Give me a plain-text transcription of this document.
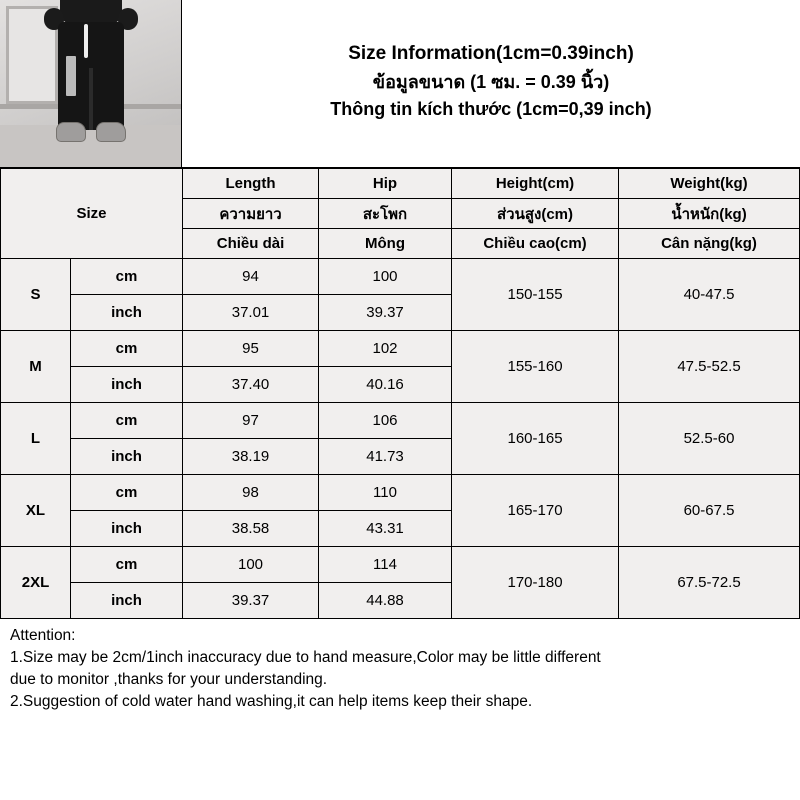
Size Information(1cm=0.39inch)
ข้อมูลขนาด (1 ซม. = 0.39 นิ้ว)
Thông tin kích thước (1cm=0,39 inch)
Size		Length	Hip	Height(cm)	Weight(kg)
		ความยาว	สะโพก	ส่วนสูง(cm)	น้ำหนัก(kg)
		Chiều dài	Mông	Chiều cao(cm)	Cân nặng(kg)
S	cm	94	100	150-155	40-47.5
	inch	37.01	39.37		
M	cm	95	102	155-160	47.5-52.5
	inch	37.40	40.16		
L	cm	97	106	160-165	52.5-60
	inch	38.19	41.73		
XL	cm	98	110	165-170	60-67.5
	inch	38.58	43.31		
2XL	cm	100	114	170-180	67.5-72.5
	inch	39.37	44.88		
Attention:
1.Size may be 2cm/1inch inaccuracy due to hand measure,Color may be little different
due to monitor ,thanks for your understanding.
2.Suggestion of cold water hand washing,it can help items keep their shape.
